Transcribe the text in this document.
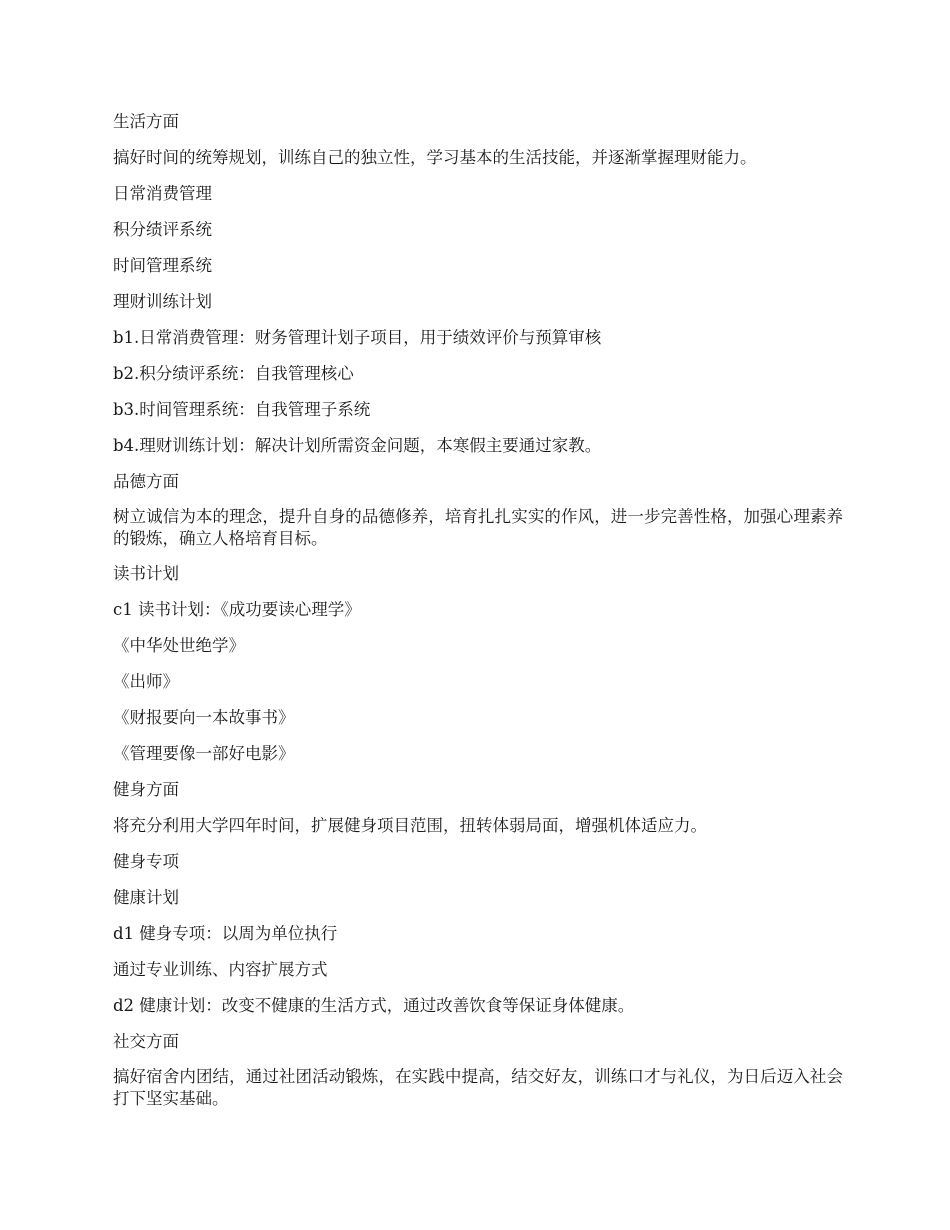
生活方面

搞好时间的统筹规划，训练自己的独立性，学习基本的生活技能，并逐渐掌握理财能力。

日常消费管理

积分绩评系统

时间管理系统

理财训练计划

b1.日常消费管理：财务管理计划子项目，用于绩效评价与预算审核

b2.积分绩评系统：自我管理核心

b3.时间管理系统：自我管理子系统

b4.理财训练计划：解决计划所需资金问题，本寒假主要通过家教。

品德方面

树立诚信为本的理念，提升自身的品德修养，培育扎扎实实的作风，进一步完善性格，加强心理素养的锻炼，确立人格培育目标。

读书计划

c1 读书计划：《成功要读心理学》

《中华处世绝学》

《出师》

《财报要向一本故事书》

《管理要像一部好电影》

健身方面

将充分利用大学四年时间，扩展健身项目范围，扭转体弱局面，增强机体适应力。

健身专项

健康计划

d1 健身专项：以周为单位执行

通过专业训练、内容扩展方式

d2 健康计划：改变不健康的生活方式，通过改善饮食等保证身体健康。

社交方面

搞好宿舍内团结，通过社团活动锻炼，在实践中提高，结交好友，训练口才与礼仪，为日后迈入社会打下坚实基础。
